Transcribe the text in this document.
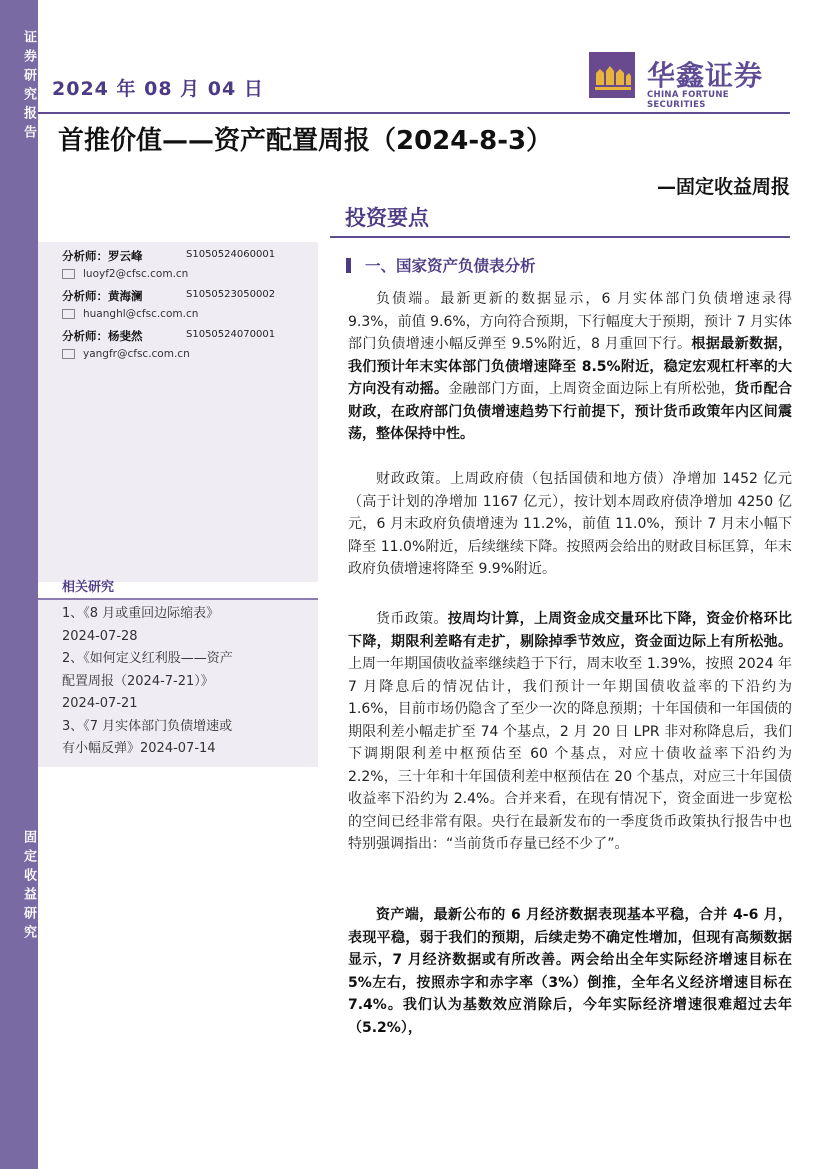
证券研究报告
固定收益研究
2024 年 08 月 04 日	华鑫证券
CHINA FORTUNE SECURITIES
首推价值——资产配置周报（2024-8-3）
—固定收益周报
投资要点
分析师：罗云峰	S1050524060001
luoyf2@cfsc.com.cn
分析师：黄海澜	S1050523050002
huanghl@cfsc.com.cn
分析师：杨斐然	S1050524070001
yangfr@cfsc.com.cn
相关研究
1、《8 月或重回边际缩表》
2024-07-28
2、《如何定义红利股——资产
配置周报（2024-7-21）》
2024-07-21
3、《7 月实体部门负债增速或
有小幅反弹》2024-07-14
一、国家资产负债表分析

负债端。最新更新的数据显示，6 月实体部门负债增速录得 9.3%，前值 9.6%，方向符合预期，下行幅度大于预期，预计 7 月实体部门负债增速小幅反弹至 9.5%附近，8 月重回下行。根据最新数据，我们预计年末实体部门负债增速降至 8.5%附近，稳定宏观杠杆率的大方向没有动摇。金融部门方面，上周资金面边际上有所松弛，货币配合财政，在政府部门负债增速趋势下行前提下，预计货币政策年内区间震荡，整体保持中性。

财政政策。上周政府债（包括国债和地方债）净增加 1452 亿元（高于计划的净增加 1167 亿元），按计划本周政府债净增加 4250 亿元，6 月末政府负债增速为 11.2%，前值 11.0%，预计 7 月末小幅下降至 11.0%附近，后续继续下降。按照两会给出的财政目标匡算，年末政府负债增速将降至 9.9%附近。

货币政策。按周均计算，上周资金成交量环比下降，资金价格环比下降，期限利差略有走扩，剔除掉季节效应，资金面边际上有所松弛。上周一年期国债收益率继续趋于下行，周末收至 1.39%，按照 2024 年 7 月降息后的情况估计，我们预计一年期国债收益率的下沿约为 1.6%，目前市场仍隐含了至少一次的降息预期；十年国债和一年国债的期限利差小幅走扩至 74 个基点，2 月 20 日 LPR 非对称降息后，我们下调期限利差中枢预估至 60 个基点，对应十债收益率下沿约为 2.2%，三十年和十年国债利差中枢预估在 20 个基点，对应三十年国债收益率下沿约为 2.4%。合并来看，在现有情况下，资金面进一步宽松的空间已经非常有限。央行在最新发布的一季度货币政策执行报告中也特别强调指出：“当前货币存量已经不少了”。

资产端，最新公布的 6 月经济数据表现基本平稳，合并 4-6 月，表现平稳，弱于我们的预期，后续走势不确定性增加，但现有高频数据显示，7 月经济数据或有所改善。两会给出全年实际经济增速目标在 5%左右，按照赤字和赤字率（3%）倒推，全年名义经济增速目标在 7.4%。我们认为基数效应消除后，今年实际经济增速很难超过去年（5.2%），
